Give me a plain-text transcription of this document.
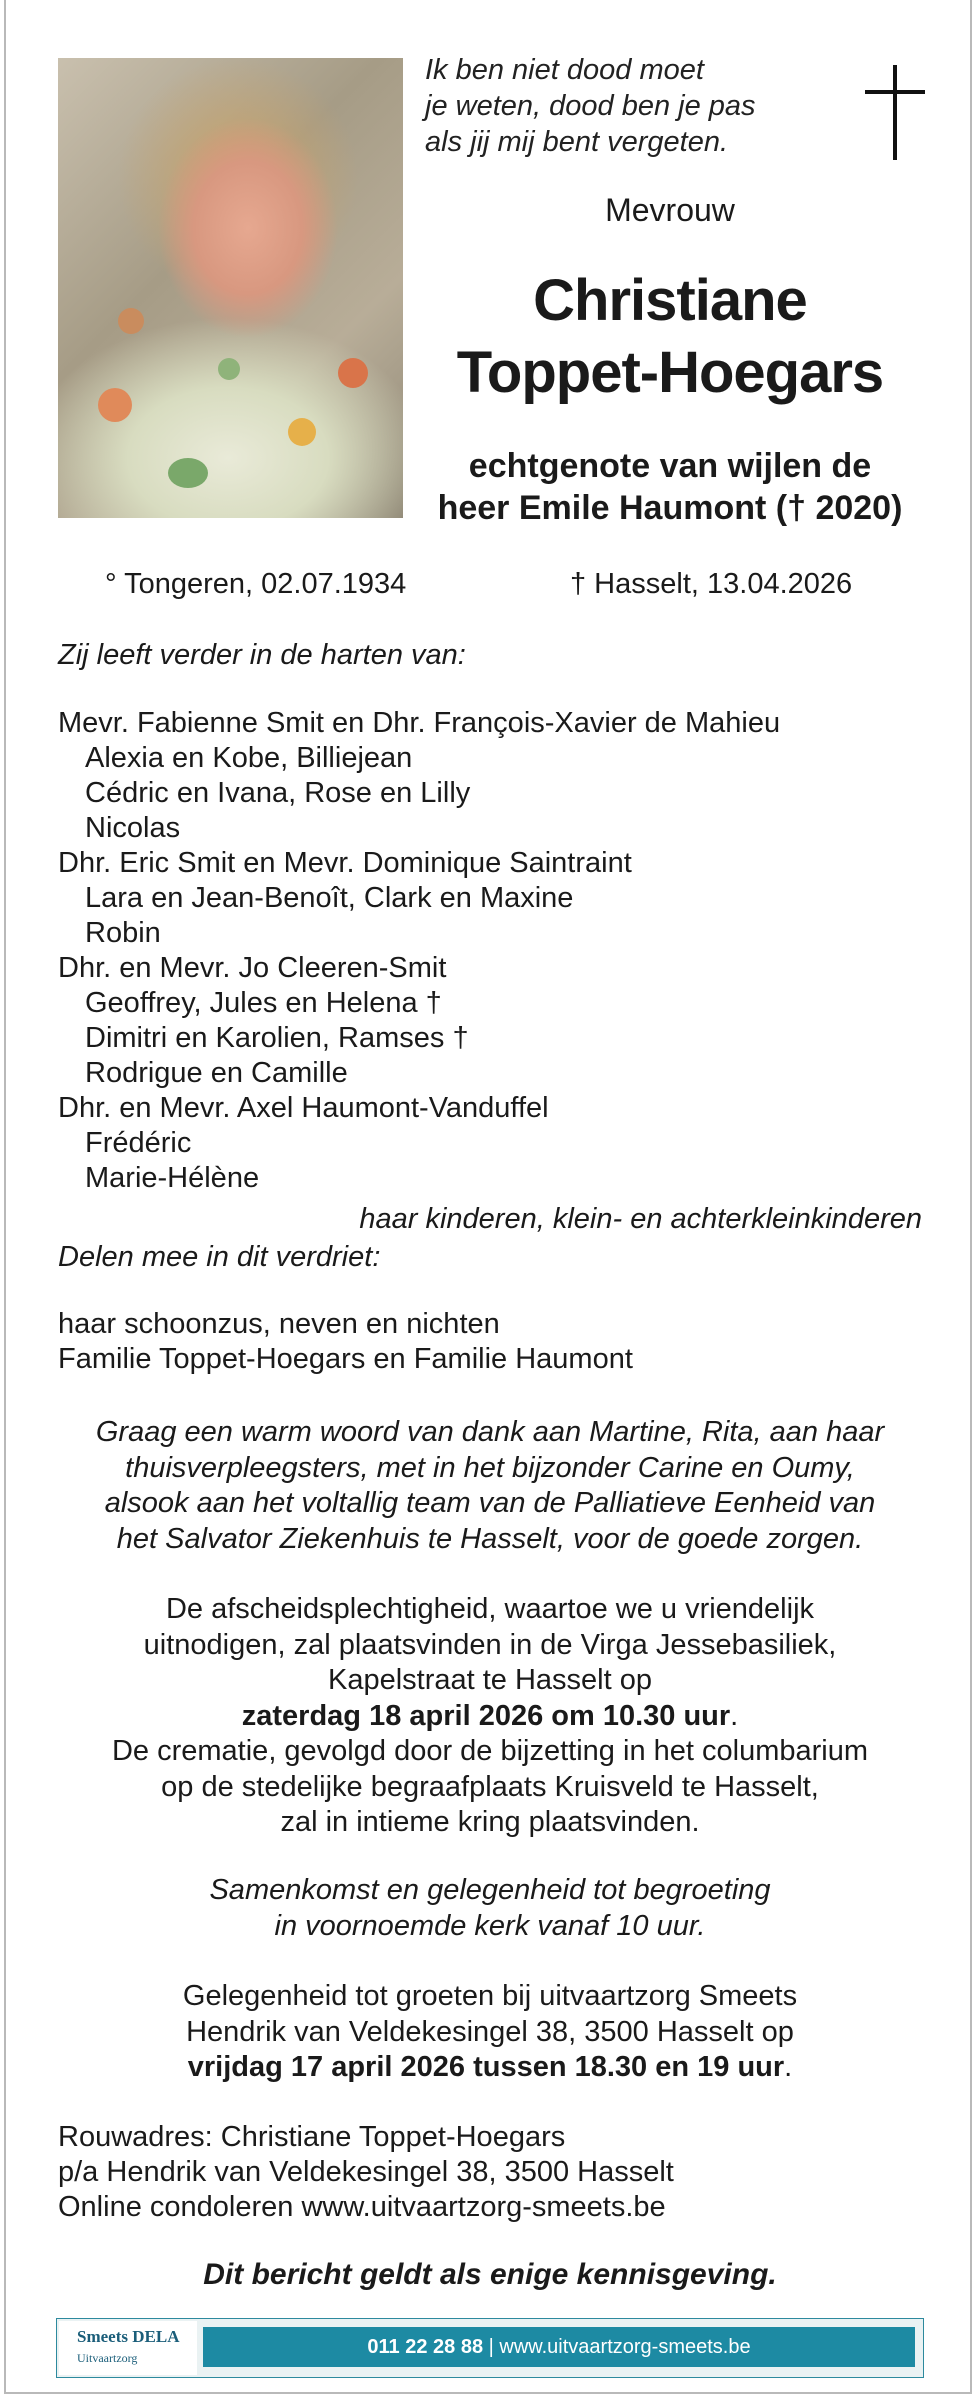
Ik ben niet dood moet
je weten, dood ben je pas
als jij mij bent vergeten.
Mevrouw
Christiane
Toppet-Hoegars
echtgenote van wijlen de
heer Emile Haumont († 2020)
° Tongeren, 02.07.1934	† Hasselt, 13.04.2026
Zij leeft verder in de harten van:
Mevr. Fabienne Smit en Dhr. François-Xavier de Mahieu
Alexia en Kobe, Billiejean
Cédric en Ivana, Rose en Lilly
Nicolas
Dhr. Eric Smit en Mevr. Dominique Saintraint
Lara en Jean-Benoît, Clark en Maxine
Robin
Dhr. en Mevr. Jo Cleeren-Smit
Geoffrey, Jules en Helena †
Dimitri en Karolien, Ramses †
Rodrigue en Camille
Dhr. en Mevr. Axel Haumont-Vanduffel
Frédéric
Marie-Hélène
haar kinderen, klein- en achterkleinkinderen
Delen mee in dit verdriet:
haar schoonzus, neven en nichten
Familie Toppet-Hoegars en Familie Haumont
Graag een warm woord van dank aan Martine, Rita, aan haar
thuisverpleegsters, met in het bijzonder Carine en Oumy,
alsook aan het voltallig team van de Palliatieve Eenheid van
het Salvator Ziekenhuis te Hasselt, voor de goede zorgen.
De afscheidsplechtigheid, waartoe we u vriendelijk
uitnodigen, zal plaatsvinden in de Virga Jessebasiliek,
Kapelstraat te Hasselt op
zaterdag 18 april 2026 om 10.30 uur.
De crematie, gevolgd door de bijzetting in het columbarium
op de stedelijke begraafplaats Kruisveld te Hasselt,
zal in intieme kring plaatsvinden.
Samenkomst en gelegenheid tot begroeting
in voornoemde kerk vanaf 10 uur.
Gelegenheid tot groeten bij uitvaartzorg Smeets
Hendrik van Veldekesingel 38, 3500 Hasselt op
vrijdag 17 april 2026 tussen 18.30 en 19 uur.
Rouwadres: Christiane Toppet-Hoegars
p/a Hendrik van Veldekesingel 38, 3500 Hasselt
Online condoleren www.uitvaartzorg-smeets.be
Dit bericht geldt als enige kennisgeving.
Smeets DELA
Uitvaartzorg	011 22 28 88 | www.uitvaartzorg-smeets.be
